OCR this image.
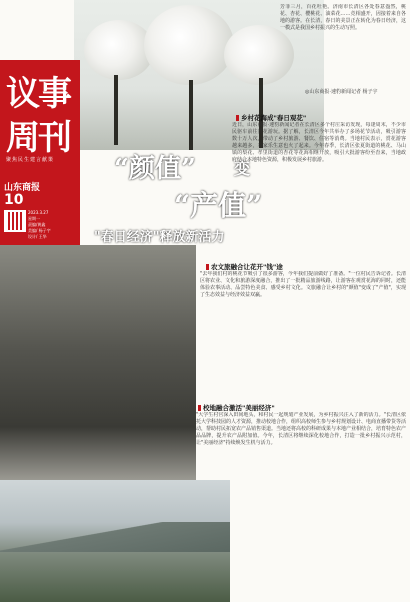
议事
周刊
聚焦民生建言献策
山东商报
10
2023.3.27
星期一
责编/黄鑫
美编/ 杨子宇
设计/ 王华
“颜值” 变
“产值”
"春日经济"释放新活力
芳菲三月，百花吐艳。济南市长清区各处春意盎然，桃花、杏花、樱桃花、油菜花……竞相盛开，因接着来自各地的游客。在长清，春日的美景正在转化为春日经济，这一模式是我国乡村振兴的生动写照。
◎山东商报·速豹新闻记者 杨子宇
乡村花海成"春日观花"
近日，山东商报·速豹新闻记者在长清区多个村庄采访发现，每逢周末，不少市民驱车前往赏花游玩。据了解，长清区今年共举办了多场花节活动，吸引游客数十万人次，带动了乡村旅游、餐饮、住宿等消费。当地村民表示，赏花游客越来越多，农家乐生意也火了起来。今年春季，长清区张夏街道的桃花、马山镇的梨花、孝里街道的杏花等花海相继开放，吸引大批游客纷至沓来，当地政府结合本地特色资源，积极发展乡村旅游。
农文旅融合让花开"钱"途
"去年我们村的桃花节吸引了很多游客，今年我们提前做好了准备。"一位村民告诉记者。长清区将农业、文化和旅游深度融合，推出了一批精品旅游线路，让游客在观赏花海的同时，还能体验农事活动、品尝特色美食、感受乡村文化。文旅融合让乡村的"颜值"变成了"产值"，实现了生态效益与经济效益双赢。
校地融合激活"美丽经济"
"大学生村官深入田间地头，和村民一起规划产业发展，为乡村振兴注入了新的活力。"长清区依托大学科技园的人才资源，推动校地合作，组织高校师生参与乡村规划设计、电商直播带货等活动，帮助村民拓宽农产品销售渠道。当地还将高校的科研成果与本地产业相结合，培育特色农产品品牌，提升农产品附加值。今年，长清区将继续深化校地合作，打造一批乡村振兴示范村，让"美丽经济"持续焕发生机与活力。
